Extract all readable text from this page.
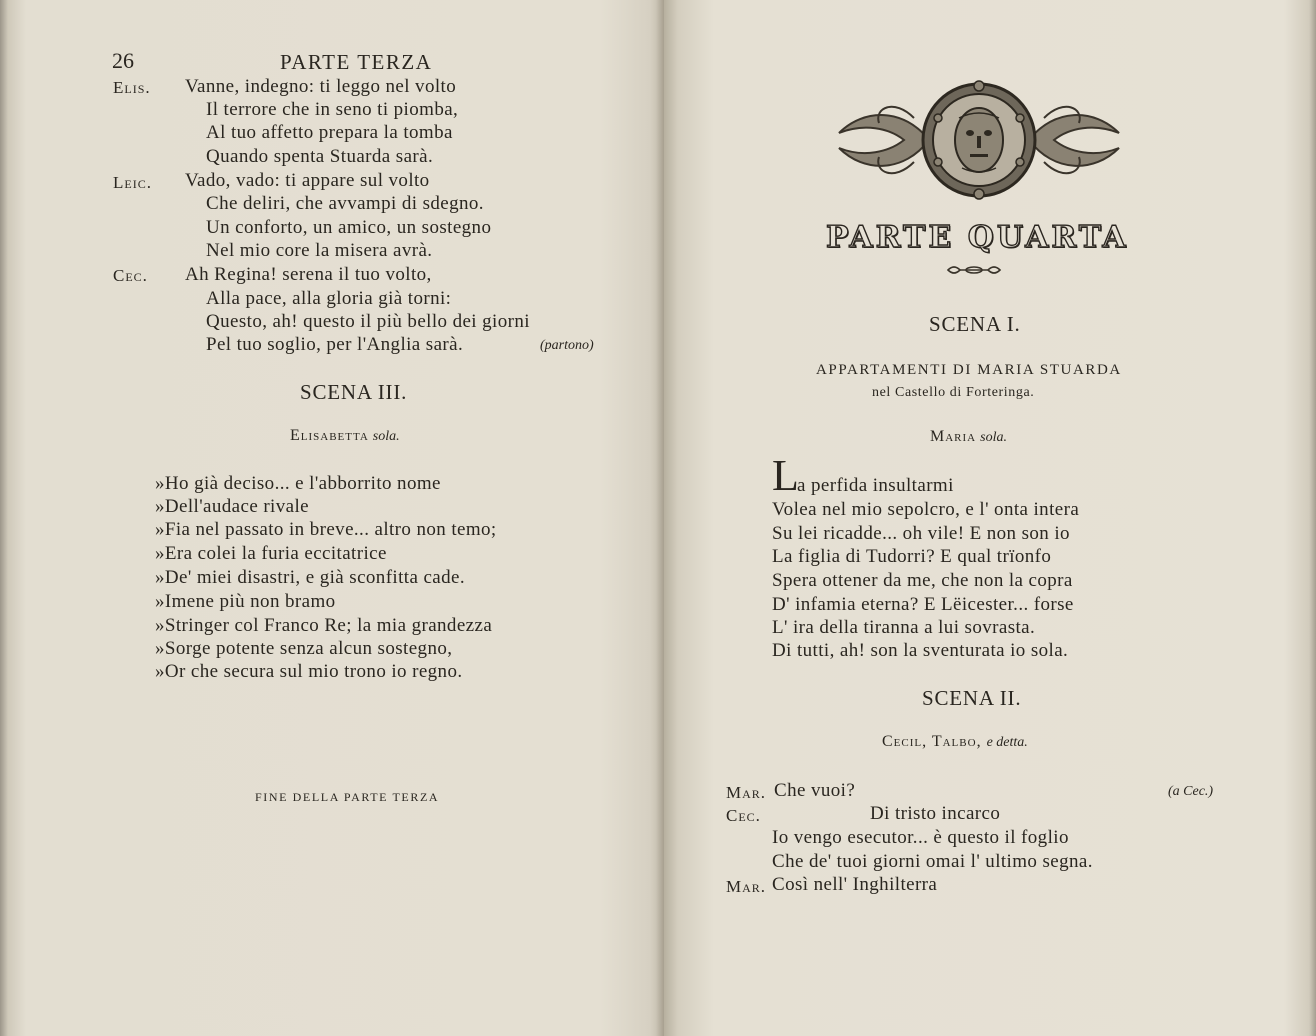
26	PARTE TERZA
Elis. Vanne, indegno: ti leggo nel volto
Il terrore che in seno ti piomba,
Al tuo affetto prepara la tomba
Quando spenta Stuarda sarà.
Leic. Vado, vado: ti appare sul volto
Che deliri, che avvampi di sdegno.
Un conforto, un amico, un sostegno
Nel mio core la misera avrà.
Cec. Ah Regina! serena il tuo volto,
Alla pace, alla gloria già torni:
Questo, ah! questo il più bello dei giorni
Pel tuo soglio, per l'Anglia sarà.	(partono)
SCENA III.
Elisabetta sola.
»Ho già deciso... e l'abborrito nome
»Dell'audace rivale
»Fia nel passato in breve... altro non temo;
»Era colei la furia eccitatrice
»De' miei disastri, e già sconfitta cade.
»Imene più non bramo
»Stringer col Franco Re; la mia grandezza
»Sorge potente senza alcun sostegno,
»Or che secura sul mio trono io regno.
FINE DELLA PARTE TERZA
PARTE QUARTA
SCENA I.
APPARTAMENTI DI MARIA STUARDA
nel Castello di Forteringa.
Maria sola.
L
a perfida insultarmi
Volea nel mio sepolcro, e l' onta intera
Su lei ricadde... oh vile! E non son io
La figlia di Tudorri? E qual trïonfo
Spera ottener da me, che non la copra
D' infamia eterna? E Lëicester... forse
L' ira della tiranna a lui sovrasta.
Di tutti, ah! son la sventurata io sola.
SCENA II.
Cecil, Talbo, e detta.
Mar. Che vuoi?	(a Cec.)
Cec.	Di tristo incarco
Io vengo esecutor... è questo il foglio
Che de' tuoi giorni omai l' ultimo segna.
Mar. Così nell' Inghilterra
